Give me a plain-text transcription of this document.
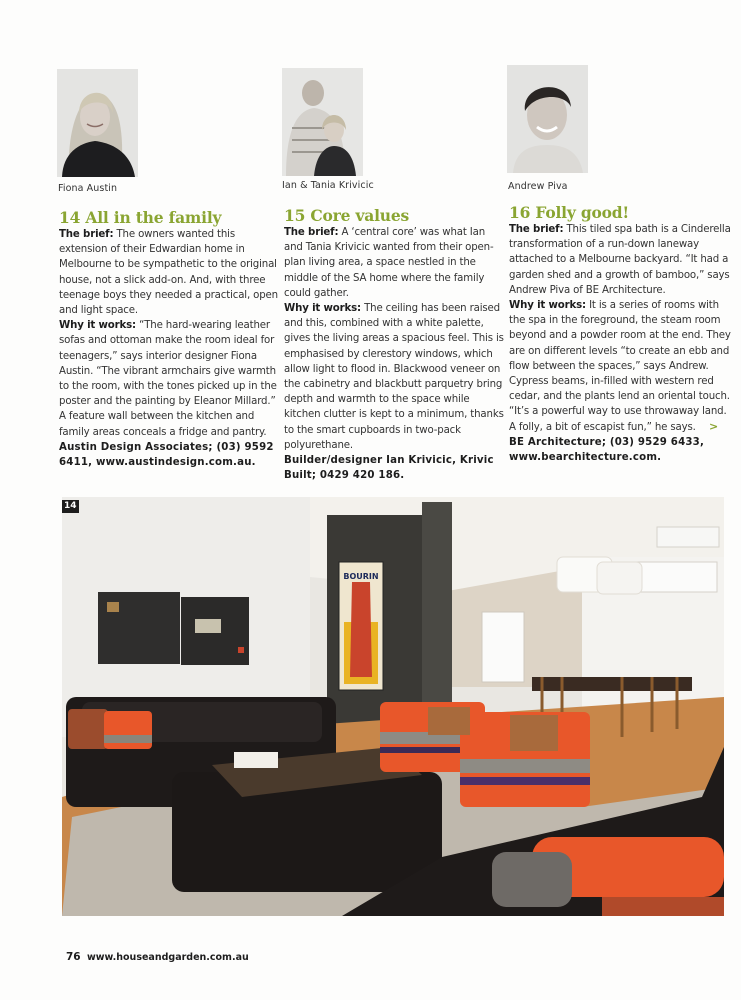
Fiona Austin	Ian & Tania Krivicic	Andrew Piva
14 All in the family
The brief: The owners wanted this extension of their Edwardian home in Melbourne to be sympathetic to the original house, not a slick add-on. And, with three teenage boys they needed a practical, open and light space.
Why it works: “The hard-wearing leather sofas and ottoman make the room ideal for teenagers,” says interior designer Fiona Austin. “The vibrant armchairs give warmth to the room, with the tones picked up in the poster and the painting by Eleanor Millard.” A feature wall between the kitchen and family areas conceals a fridge and pantry.
Austin Design Associates; (03) 9592 6411, www.austindesign.com.au.
15 Core values
The brief: A ‘central core’ was what Ian and Tania Krivicic wanted from their open-plan living area, a space nestled in the middle of the SA home where the family could gather.
Why it works: The ceiling has been raised and this, combined with a white palette, gives the living areas a spacious feel. This is emphasised by clerestory windows, which allow light to flood in. Blackwood veneer on the cabinetry and blackbutt parquetry bring depth and warmth to the space while kitchen clutter is kept to a minimum, thanks to the smart cupboards in two-pack polyurethane.
Builder/designer Ian Krivicic, Krivic Built; 0429 420 186.
16 Folly good!
The brief: This tiled spa bath is a Cinderella transformation of a run-down laneway attached to a Melbourne backyard. “It had a garden shed and a growth of bamboo,” says Andrew Piva of BE Architecture.
Why it works: It is a series of rooms with the spa in the foreground, the steam room beyond and a powder room at the end. They are on different levels “to create an ebb and flow between the spaces,” says Andrew. Cypress beams, in-filled with western red cedar, and the plants lend an oriental touch. “It’s a powerful way to use throwaway land. A folly, a bit of escapist fun,” he says.
BE Architecture; (03) 9529 6433, www.bearchitecture.com.
>
BOURIN
14
76 www.houseandgarden.com.au
